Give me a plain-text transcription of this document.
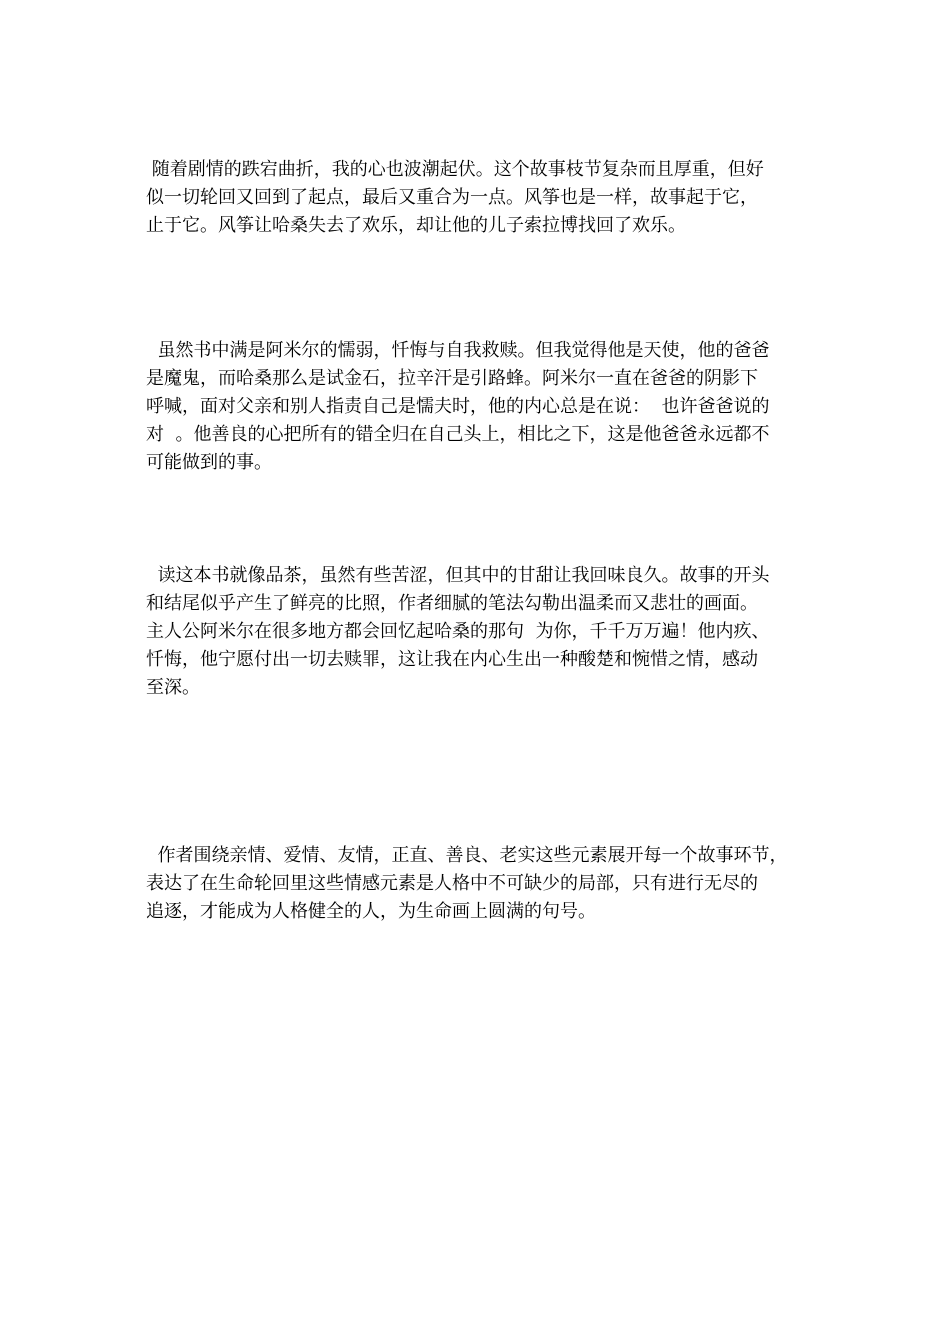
随着剧情的跌宕曲折，我的心也波潮起伏。这个故事枝节复杂而且厚重，但好
似一切轮回又回到了起点，最后又重合为一点。风筝也是一样，故事起于它，
止于它。风筝让哈桑失去了欢乐，却让他的儿子索拉博找回了欢乐。

虽然书中满是阿米尔的懦弱，忏悔与自我救赎。但我觉得他是天使，他的爸爸
是魔鬼，而哈桑那么是试金石，拉辛汗是引路蜂。阿米尔一直在爸爸的阴影下
呼喊，面对父亲和别人指责自己是懦夫时，他的内心总是在说：  也许爸爸说的
对  。他善良的心把所有的错全归在自己头上，相比之下，这是他爸爸永远都不
可能做到的事。

读这本书就像品茶，虽然有些苦涩，但其中的甘甜让我回味良久。故事的开头
和结尾似乎产生了鲜亮的比照，作者细腻的笔法勾勒出温柔而又悲壮的画面。
主人公阿米尔在很多地方都会回忆起哈桑的那句  为你，千千万万遍！他内疚、
忏悔，他宁愿付出一切去赎罪，这让我在内心生出一种酸楚和惋惜之情，感动
至深。

作者围绕亲情、爱情、友情，正直、善良、老实这些元素展开每一个故事环节，
表达了在生命轮回里这些情感元素是人格中不可缺少的局部，只有进行无尽的
追逐，才能成为人格健全的人，为生命画上圆满的句号。
